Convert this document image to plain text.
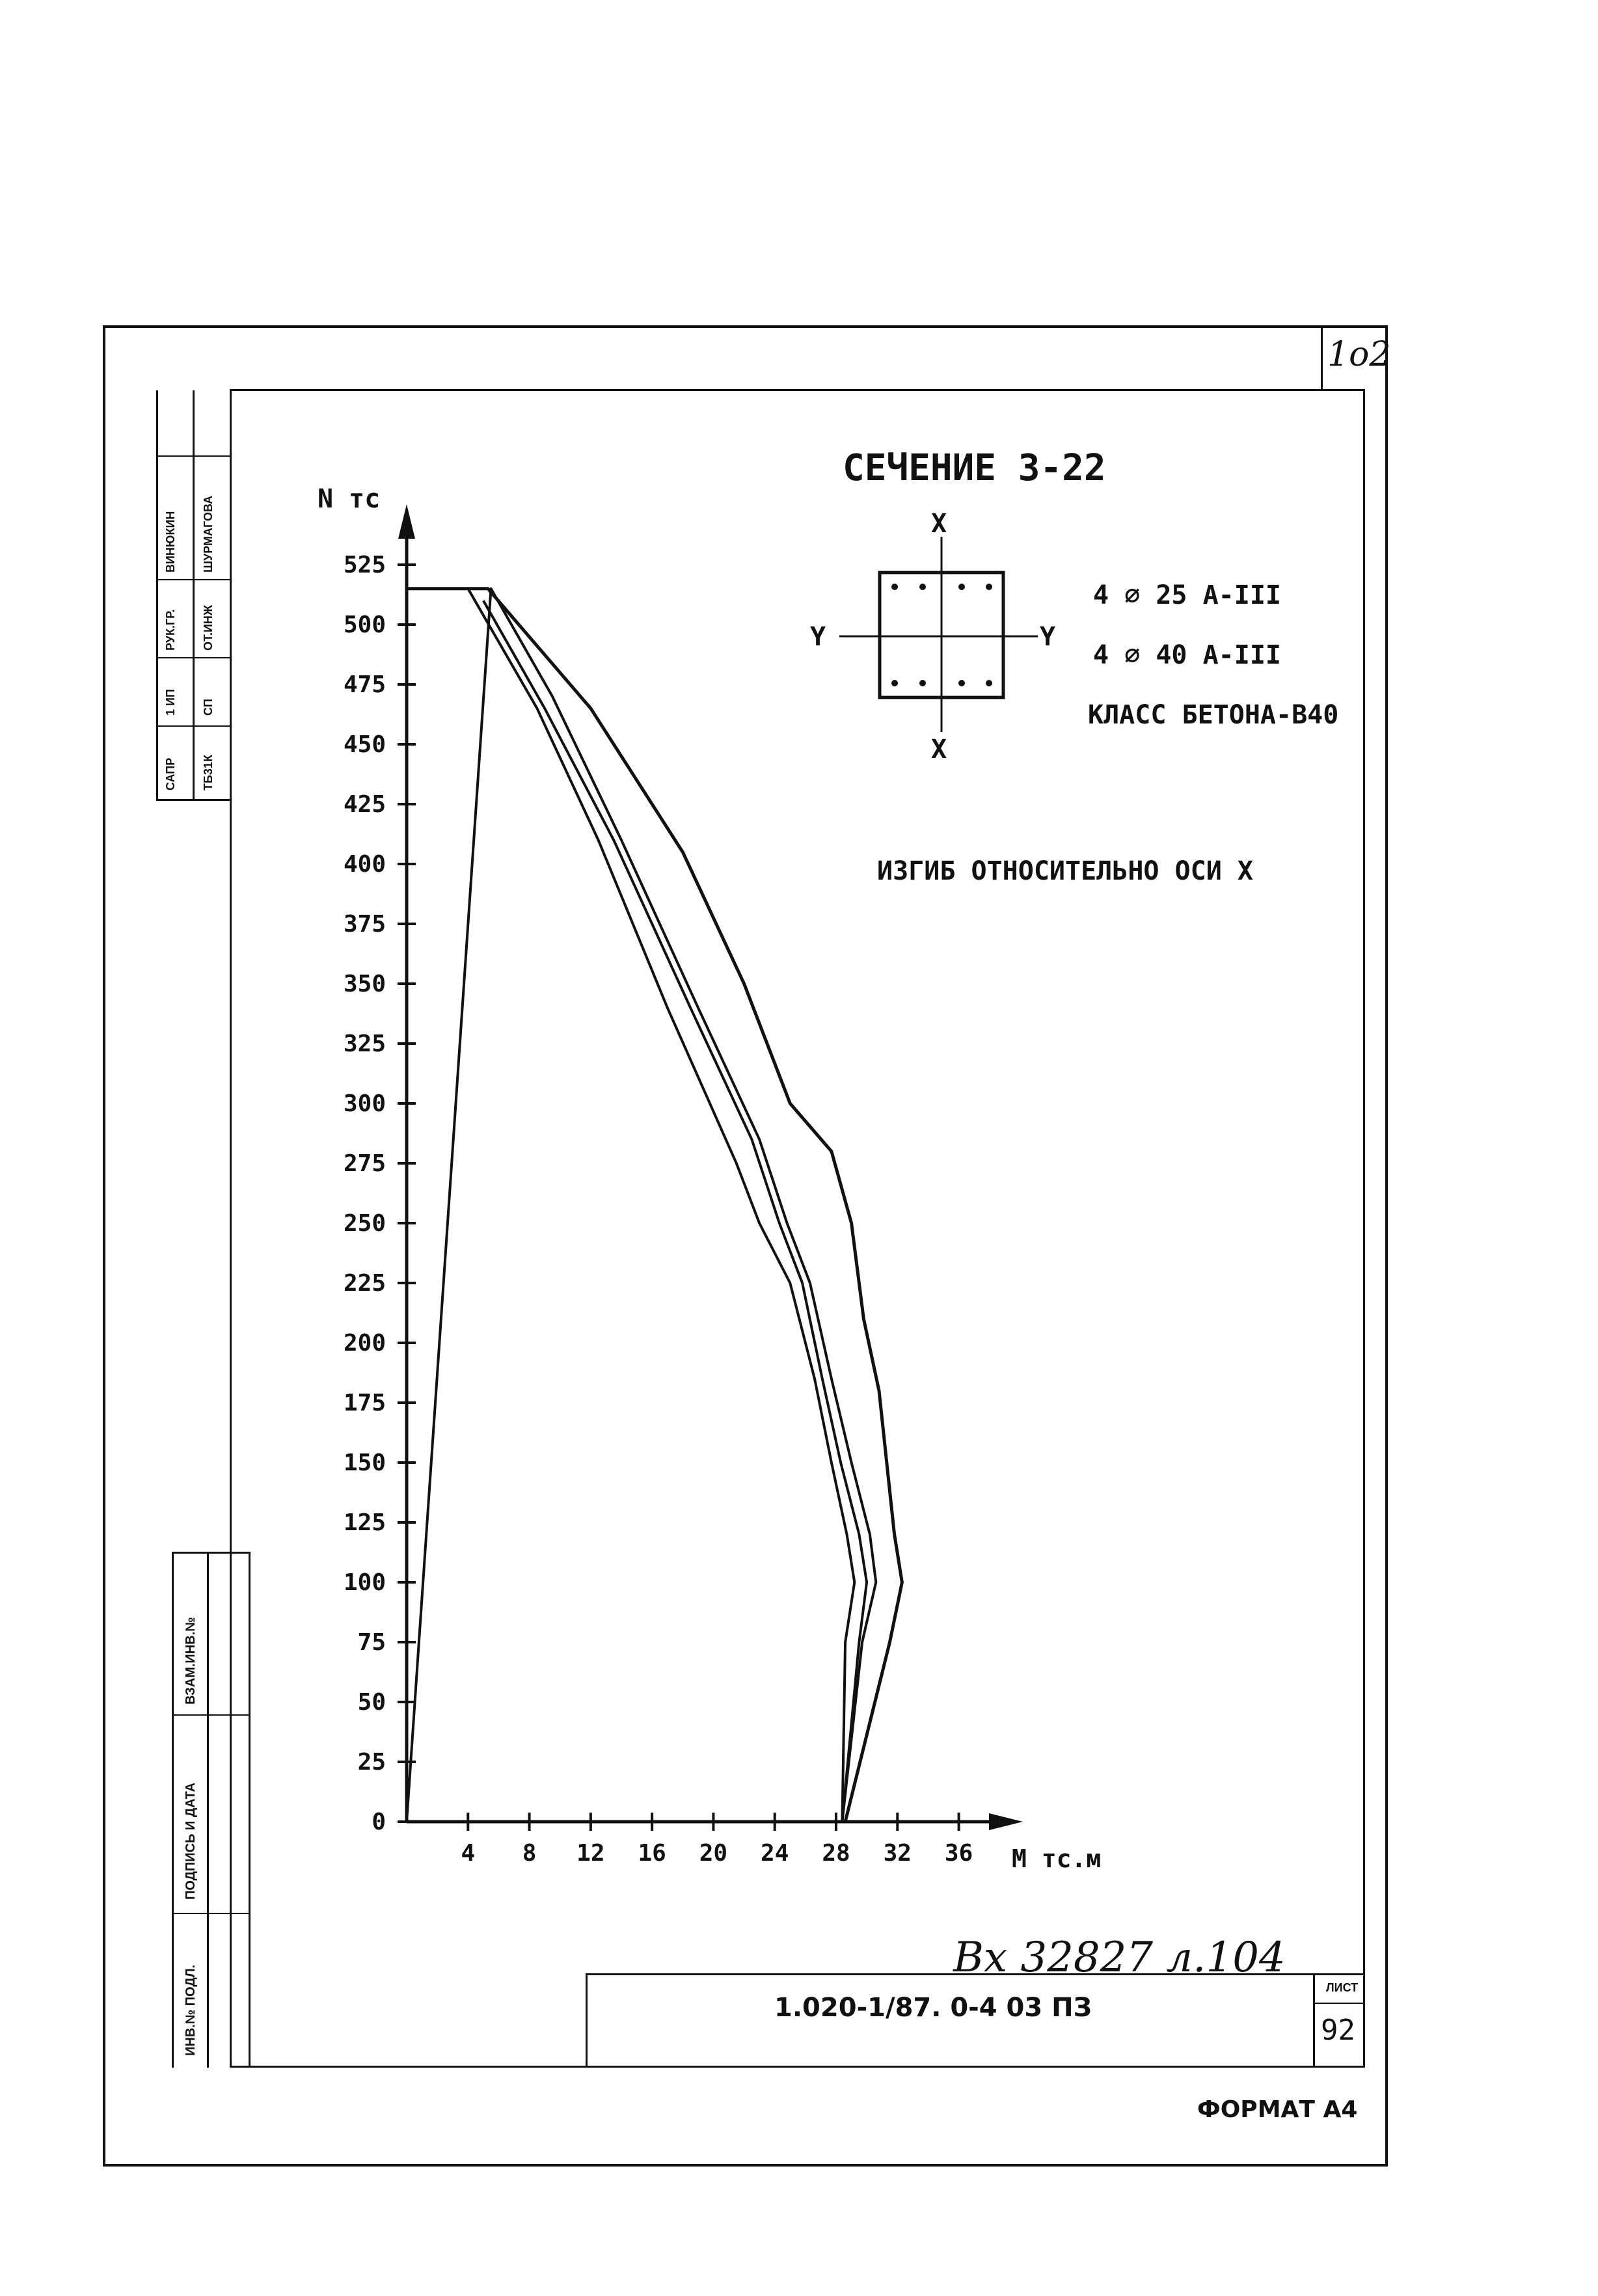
1o2
САПР ТБ31К
1 ИП СП
РУК.ГР. ОТ.ИНЖ
ВИНЮКИН ШУРМАГОВА
ИНВ.№ ПОДЛ.
ПОДПИСЬ И ДАТА
ВЗАМ.ИНВ.№
1.020-1/87. 0-4 03 ПЗ
ЛИСТ
92
ФОРМАТ А4
0
25
50
75
100
125
150
175
200
225
250
275
300
325
350
375
400
425
450
475
500
525
4 8 12 16 20 24 28 32 36
N тс
М тс.м
СЕЧЕНИЕ 3-22
X
X
Y	Y
4 ∅ 25 А-III
4 ∅ 40 А-III
КЛАСС БЕТОНА-В40
ИЗГИБ ОТНОСИТЕЛЬНО ОСИ Х
Вх 32827 л.104
